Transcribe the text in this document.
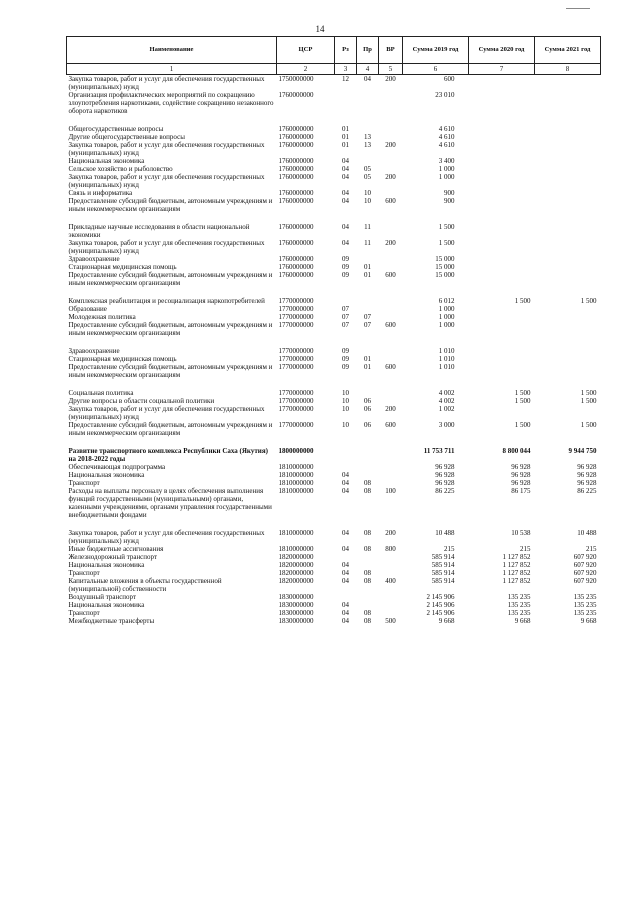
14
Наименование	ЦСР	Рз	Пр	ВР	Сумма 2019 год	Сумма 2020 год	Сумма 2021 год
1	2	3	4	5	6	7	8
Закупка товаров, работ и услуг для обеспечения государственных (муниципальных) нужд	1750000000	12	04	200	600		
Организация профилактических мероприятий по сокращению злоупотребления наркотиками, содействие сокращению незаконного оборота наркотиков	1760000000				23 010		

Общегосударственные вопросы	1760000000	01			4 610		
Другие общегосударственные вопросы	1760000000	01	13		4 610		
Закупка товаров, работ и услуг для обеспечения государственных (муниципальных) нужд	1760000000	01	13	200	4 610		
Национальная экономика	1760000000	04			3 400		
Сельское хозяйство и рыболовство	1760000000	04	05		1 000		
Закупка товаров, работ и услуг для обеспечения государственных (муниципальных) нужд	1760000000	04	05	200	1 000		
Связь и информатика	1760000000	04	10		900		
Предоставление субсидий бюджетным, автономным учреждениям и иным некоммерческим организациям	1760000000	04	10	600	900		

Прикладные научные исследования в области национальной экономики	1760000000	04	11		1 500		
Закупка товаров, работ и услуг для обеспечения государственных (муниципальных) нужд	1760000000	04	11	200	1 500		
Здравоохранение	1760000000	09			15 000		
Стационарная медицинская помощь	1760000000	09	01		15 000		
Предоставление субсидий бюджетным, автономным учреждениям и иным некоммерческим организациям	1760000000	09	01	600	15 000		

Комплексная реабилитация и ресоциализация наркопотребителей	1770000000				6 012	1 500	1 500
Образование	1770000000	07			1 000		
Молодежная политика	1770000000	07	07		1 000		
Предоставление субсидий бюджетным, автономным учреждениям и иным некоммерческим организациям	1770000000	07	07	600	1 000		

Здравоохранение	1770000000	09			1 010		
Стационарная медицинская помощь	1770000000	09	01		1 010		
Предоставление субсидий бюджетным, автономным учреждениям и иным некоммерческим организациям	1770000000	09	01	600	1 010		

Социальная политика	1770000000	10			4 002	1 500	1 500
Другие вопросы в области социальной политики	1770000000	10	06		4 002	1 500	1 500
Закупка товаров, работ и услуг для обеспечения государственных (муниципальных) нужд	1770000000	10	06	200	1 002		
Предоставление субсидий бюджетным, автономным учреждениям и иным некоммерческим организациям	1770000000	10	06	600	3 000	1 500	1 500

Развитие транспортного комплекса Республики Саха (Якутия) на 2018-2022 годы	1800000000				11 753 711	8 800 044	9 944 750
Обеспечивающая подпрограмма	1810000000				96 928	96 928	96 928
Национальная экономика	1810000000	04			96 928	96 928	96 928
Транспорт	1810000000	04	08		96 928	96 928	96 928
Расходы на выплаты персоналу в целях обеспечения выполнения функций государственными (муниципальными) органами, казенными учреждениями, органами управления государственными внебюджетными фондами	1810000000	04	08	100	86 225	86 175	86 225

Закупка товаров, работ и услуг для обеспечения государственных (муниципальных) нужд	1810000000	04	08	200	10 488	10 538	10 488
Иные бюджетные ассигнования	1810000000	04	08	800	215	215	215
Железнодорожный транспорт	1820000000				585 914	1 127 852	607 920
Национальная экономика	1820000000	04			585 914	1 127 852	607 920
Транспорт	1820000000	04	08		585 914	1 127 852	607 920
Капитальные вложения в объекты государственной (муниципальной) собственности	1820000000	04	08	400	585 914	1 127 852	607 920
Воздушный транспорт	1830000000				2 145 906	135 235	135 235
Национальная экономика	1830000000	04			2 145 906	135 235	135 235
Транспорт	1830000000	04	08		2 145 906	135 235	135 235
Межбюджетные трансферты	1830000000	04	08	500	9 668	9 668	9 668
